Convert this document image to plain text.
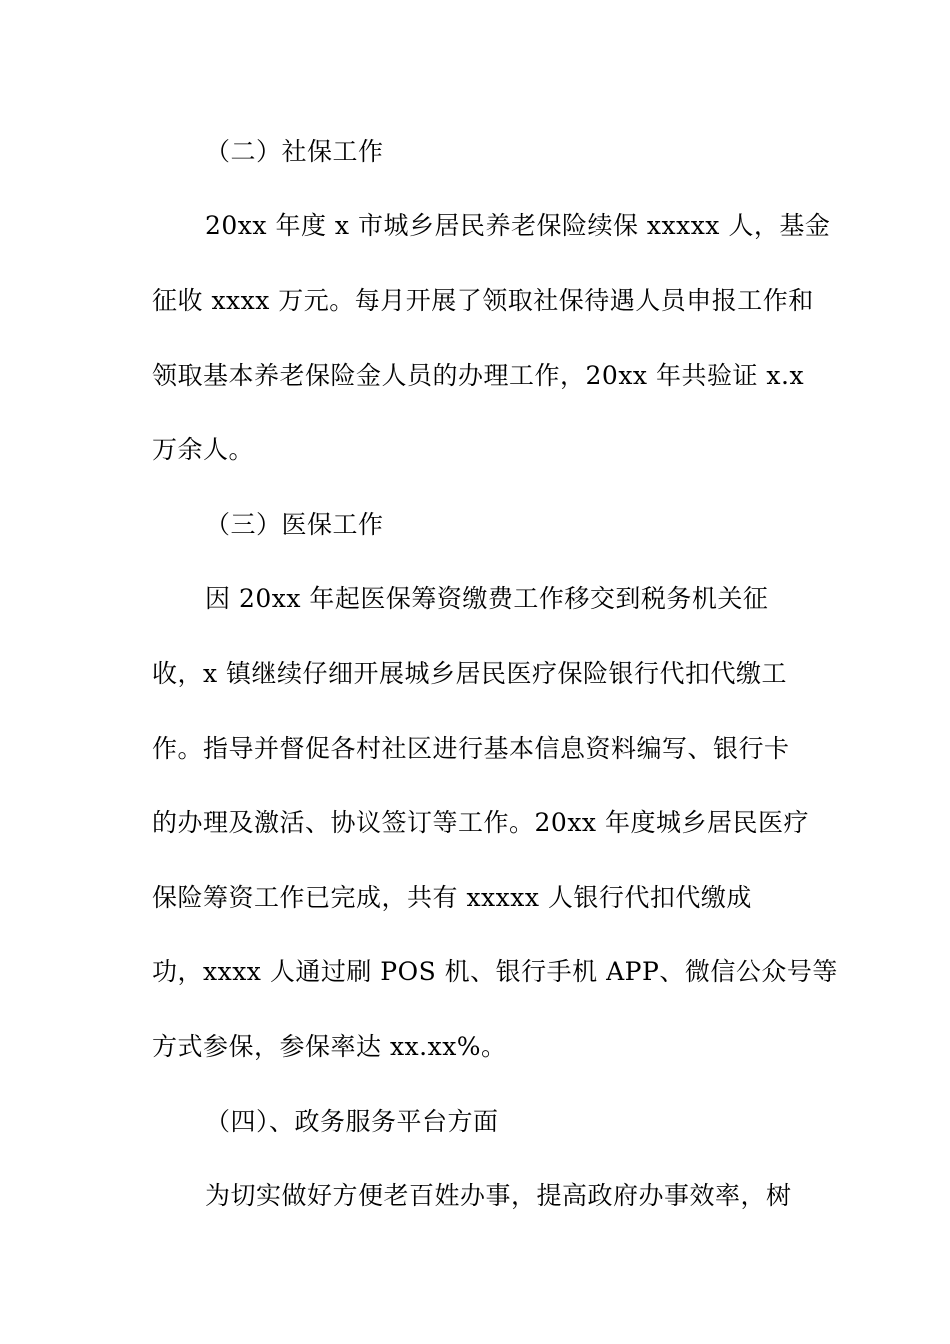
（二）社保工作
20xx 年度 x 市城乡居民养老保险续保 xxxxx 人，基金
征收 xxxx 万元。每月开展了领取社保待遇人员申报工作和
领取基本养老保险金人员的办理工作，20xx 年共验证 x.x
万余人。
（三）医保工作
因 20xx 年起医保筹资缴费工作移交到税务机关征
收，x 镇继续仔细开展城乡居民医疗保险银行代扣代缴工
作。指导并督促各村社区进行基本信息资料编写、银行卡
的办理及激活、协议签订等工作。20xx 年度城乡居民医疗
保险筹资工作已完成，共有 xxxxx 人银行代扣代缴成
功，xxxx 人通过刷 POS 机、银行手机 APP、微信公众号等
方式参保，参保率达 xx.xx%。
（四）、政务服务平台方面
为切实做好方便老百姓办事，提高政府办事效率，树
